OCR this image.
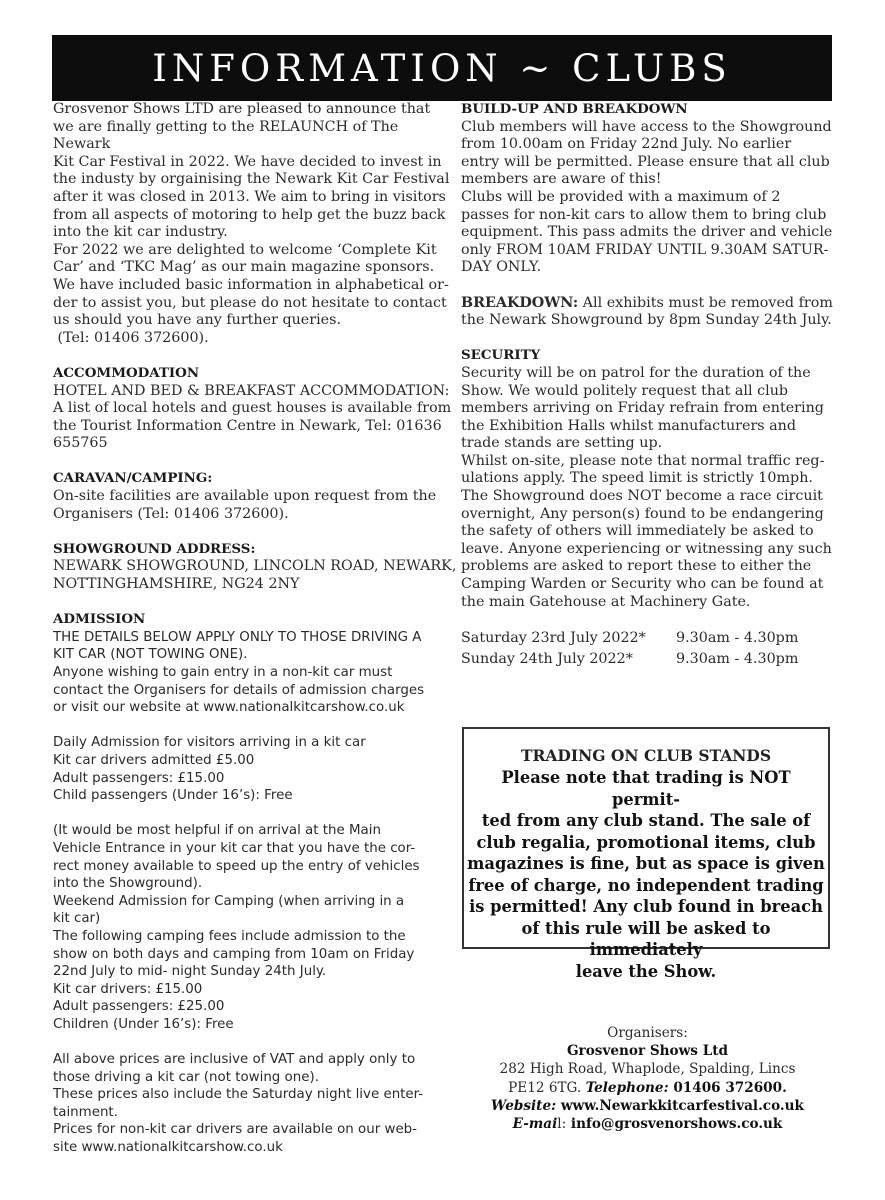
INFORMATION ~ CLUBS

Grosvenor Shows LTD are pleased to announce that

we are finally getting to the RELAUNCH of The Newark

Kit Car Festival in 2022. We have decided to invest in

the industy by orgainising the Newark Kit Car Festival

after it was closed in 2013. We aim to bring in visitors

from all aspects of motoring to help get the buzz back

into the kit car industry.

For 2022 we are delighted to welcome ‘Complete Kit

Car’ and ‘TKC Mag’ as our main magazine sponsors.

We have included basic information in alphabetical or-

der to assist you, but please do not hesitate to contact

us should you have any further queries.

(Tel: 01406 372600).

ACCOMMODATION

HOTEL AND BED & BREAKFAST ACCOMMODATION:

A list of local hotels and guest houses is available from

the Tourist Information Centre in Newark, Tel: 01636

655765

CARAVAN/CAMPING:

On-site facilities are available upon request from the

Organisers (Tel: 01406 372600).

SHOWGROUND ADDRESS:

NEWARK SHOWGROUND, LINCOLN ROAD, NEWARK,

NOTTINGHAMSHIRE, NG24 2NY

ADMISSION

THE DETAILS BELOW APPLY ONLY TO THOSE DRIVING A

KIT CAR (NOT TOWING ONE).

Anyone wishing to gain entry in a non-kit car must

contact the Organisers for details of admission charges

or visit our website at www.nationalkitcarshow.co.uk

Daily Admission for visitors arriving in a kit car

Kit car drivers admitted £5.00

Adult passengers: £15.00

Child passengers (Under 16’s): Free

(It would be most helpful if on arrival at the Main

Vehicle Entrance in your kit car that you have the cor-

rect money available to speed up the entry of vehicles

into the Showground).

Weekend Admission for Camping (when arriving in a

kit car)

The following camping fees include admission to the

show on both days and camping from 10am on Friday

22nd July to mid- night Sunday 24th July.

Kit car drivers: £15.00

Adult passengers: £25.00

Children (Under 16’s): Free

All above prices are inclusive of VAT and apply only to

those driving a kit car (not towing one).

These prices also include the Saturday night live enter-

tainment.

Prices for non-kit car drivers are available on our web-

site www.nationalkitcarshow.co.uk

BUILD-UP AND BREAKDOWN

Club members will have access to the Showground

from 10.00am on Friday 22nd July. No earlier

entry will be permitted. Please ensure that all club

members are aware of this!

Clubs will be provided with a maximum of 2

passes for non-kit cars to allow them to bring club

equipment. This pass admits the driver and vehicle

only FROM 10AM FRIDAY UNTIL 9.30AM SATUR-

DAY ONLY.

BREAKDOWN: All exhibits must be removed from

the Newark Showground by 8pm Sunday 24th July.

SECURITY

Security will be on patrol for the duration of the

Show. We would politely request that all club

members arriving on Friday refrain from entering

the Exhibition Halls whilst manufacturers and

trade stands are setting up.

Whilst on-site, please note that normal traffic reg-

ulations apply. The speed limit is strictly 10mph.

The Showground does NOT become a race circuit

overnight, Any person(s) found to be endangering

the safety of others will immediately be asked to

leave. Anyone experiencing or witnessing any such

problems are asked to report these to either the

Camping Warden or Security who can be found at

the main Gatehouse at Machinery Gate.

Saturday 23rd July 2022*	9.30am - 4.30pm
Sunday 24th July 2022*	9.30am - 4.30pm
TRADING ON CLUB STANDS
Please note that trading is NOT permit-
ted from any club stand. The sale of
club regalia, promotional items, club
magazines is fine, but as space is given
free of charge, no independent trading
is permitted! Any club found in breach
of this rule will be asked to immediately
leave the Show.
Organisers:
Grosvenor Shows Ltd
282 High Road, Whaplode, Spalding, Lincs
PE12 6TG. Telephone: 01406 372600.
Website: www.Newarkkitcarfestival.co.uk
E-mail: info@grosvenorshows.co.uk
